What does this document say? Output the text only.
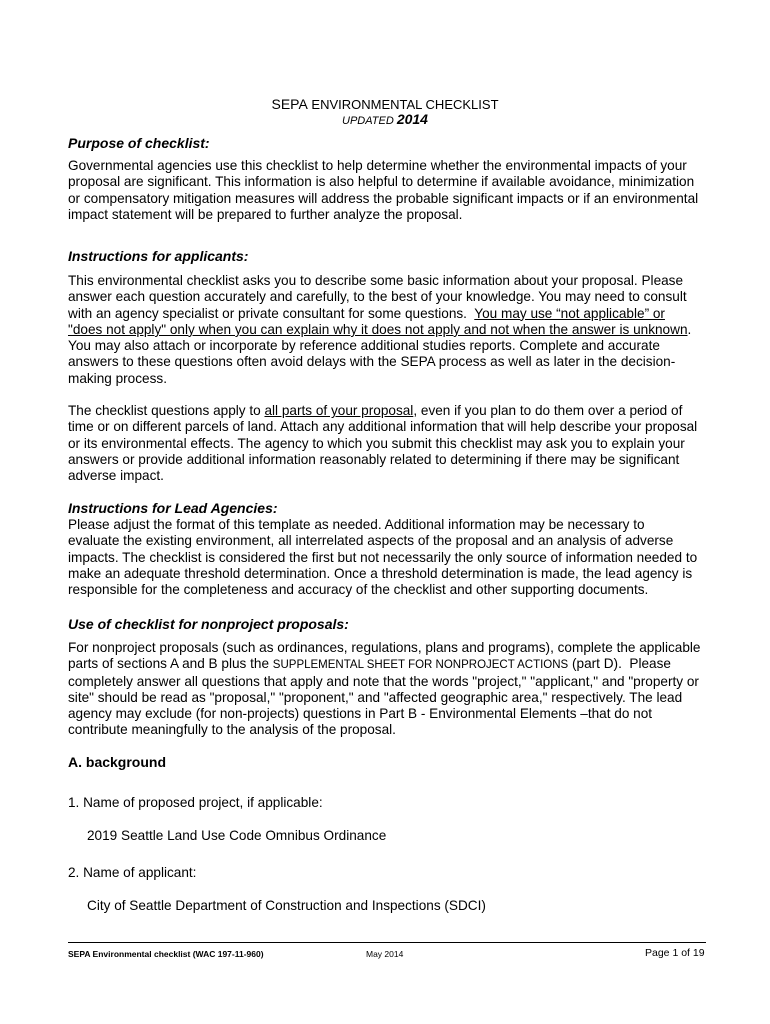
SEPA ENVIRONMENTAL CHECKLIST
UPDATED 2014
Purpose of checklist:
Governmental agencies use this checklist to help determine whether the environmental impacts of your
proposal are significant. This information is also helpful to determine if available avoidance, minimization
or compensatory mitigation measures will address the probable significant impacts or if an environmental
impact statement will be prepared to further analyze the proposal.
Instructions for applicants:
This environmental checklist asks you to describe some basic information about your proposal. Please
answer each question accurately and carefully, to the best of your knowledge. You may need to consult
with an agency specialist or private consultant for some questions.  You may use “not applicable” or
"does not apply" only when you can explain why it does not apply and not when the answer is unknown.
You may also attach or incorporate by reference additional studies reports. Complete and accurate
answers to these questions often avoid delays with the SEPA process as well as later in the decision-
making process.
The checklist questions apply to all parts of your proposal, even if you plan to do them over a period of
time or on different parcels of land. Attach any additional information that will help describe your proposal
or its environmental effects. The agency to which you submit this checklist may ask you to explain your
answers or provide additional information reasonably related to determining if there may be significant
adverse impact.
Instructions for Lead Agencies:
Please adjust the format of this template as needed. Additional information may be necessary to
evaluate the existing environment, all interrelated aspects of the proposal and an analysis of adverse
impacts. The checklist is considered the first but not necessarily the only source of information needed to
make an adequate threshold determination. Once a threshold determination is made, the lead agency is
responsible for the completeness and accuracy of the checklist and other supporting documents.
Use of checklist for nonproject proposals:
For nonproject proposals (such as ordinances, regulations, plans and programs), complete the applicable
parts of sections A and B plus the SUPPLEMENTAL SHEET FOR NONPROJECT ACTIONS (part D).  Please
completely answer all questions that apply and note that the words "project," "applicant," and "property or
site" should be read as "proposal," "proponent," and "affected geographic area," respectively. The lead
agency may exclude (for non-projects) questions in Part B - Environmental Elements –that do not
contribute meaningfully to the analysis of the proposal.
A. background
1. Name of proposed project, if applicable:
2019 Seattle Land Use Code Omnibus Ordinance
2. Name of applicant:
City of Seattle Department of Construction and Inspections (SDCI)
SEPA Environmental checklist (WAC 197-11-960)	May 2014	Page 1 of 19
